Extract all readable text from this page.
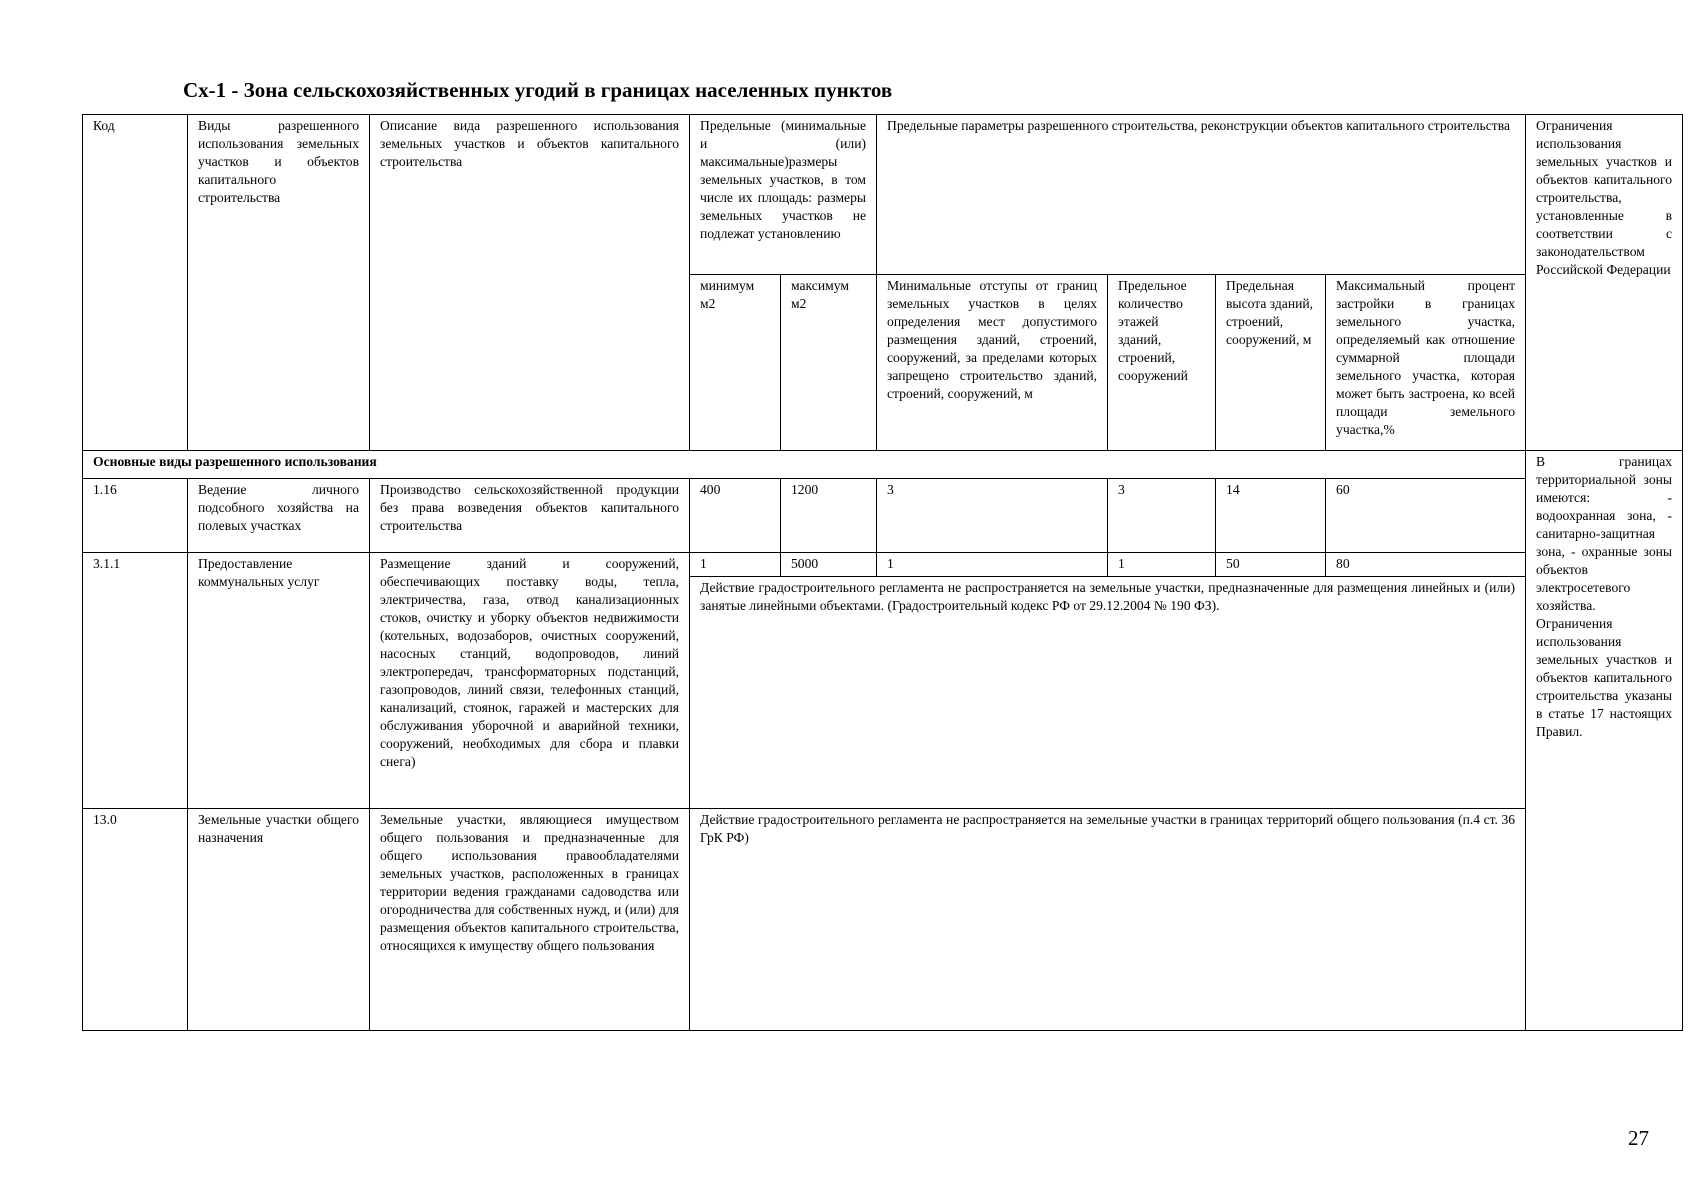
Сх-1 - Зона сельскохозяйственных угодий в границах населенных пунктов
Код	Виды разрешенного использования земельных участков и объектов капитального строительства	Описание вида разрешенного использования земельных участков и объектов капитального строительства	Предельные (минимальные и (или) максимальные)размеры земельных участков, в том числе их площадь: размеры земельных участков не подлежат установлению		Предельные параметры разрешенного строительства, реконструкции объектов капитального строительства				Ограничения использования земельных участков и объектов капитального строительства, установленные в соответствии с законодательством Российской Федерации
			минимум м2	максимум м2	Минимальные отступы от границ земельных участков в целях определения мест допустимого размещения зданий, строений, сооружений, за пределами которых запрещено строительство зданий, строений, сооружений, м	Предельное количество этажей зданий, строений, сооружений	Предельная высота зданий, строений, сооружений, м	Максимальный процент застройки в границах земельного участка, определяемый как отношение суммарной площади земельного участка, которая может быть застроена, ко всей площади земельного участка,%	
Основные виды разрешенного использования									В границах территориальной зоны имеются: - водоохранная зона, - санитарно-защитная зона, - охранные зоны объектов электросетевого хозяйства. Ограничения использования земельных участков и объектов капитального строительства указаны в статье 17 настоящих Правил.
1.16	Ведение личного подсобного хозяйства на полевых участках	Производство сельскохозяйственной продукции без права возведения объектов капитального строительства	400	1200	3	3	14	60	
3.1.1	Предоставление коммунальных услуг	Размещение зданий и сооружений, обеспечивающих поставку воды, тепла, электричества, газа, отвод канализационных стоков, очистку и уборку объектов недвижимости (котельных, водозаборов, очистных сооружений, насосных станций, водопроводов, линий электропередач, трансформаторных подстанций, газопроводов, линий связи, телефонных станций, канализаций, стоянок, гаражей и мастерских для обслуживания уборочной и аварийной техники, сооружений, необходимых для сбора и плавки снега)	1	5000	1	1	50	80	
			Действие градостроительного регламента не распространяется на земельные участки, предназначенные для размещения линейных и (или) занятые линейными объектами. (Градостроительный кодекс РФ от 29.12.2004 № 190 ФЗ).						
13.0	Земельные участки общего назначения	Земельные участки, являющиеся имуществом общего пользования и предназначенные для общего использования правообладателями земельных участков, расположенных в границах территории ведения гражданами садоводства или огородничества для собственных нужд, и (или) для размещения объектов капитального строительства, относящихся к имуществу общего пользования	Действие градостроительного регламента не распространяется на земельные участки в границах территорий общего пользования (п.4 ст. 36 ГрК РФ)						
27
